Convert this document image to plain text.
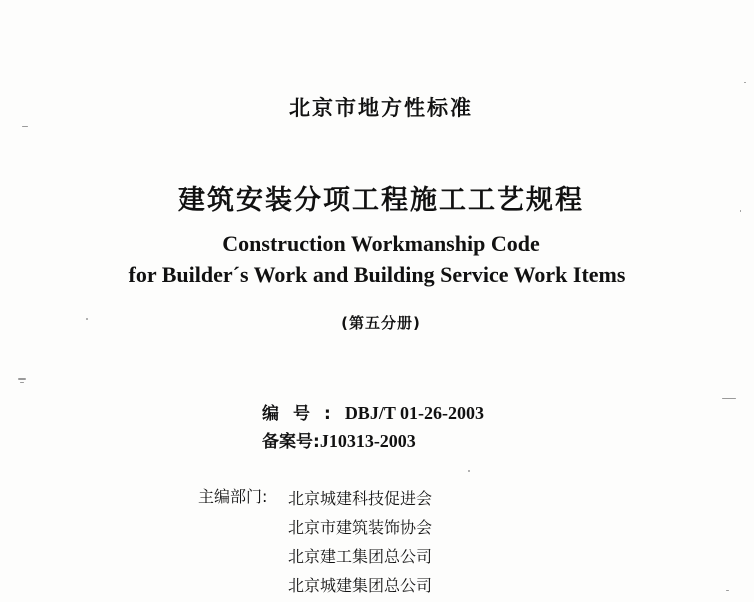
北京市地方性标准
建筑安装分项工程施工工艺规程
Construction Workmanship Code
for Builder´s Work and Building Service Work Items
(第五分册)
编号:DBJ/T 01-26-2003
备案号:J10313-2003
主编部门: 北京城建科技促进会
北京市建筑装饰协会
北京建工集团总公司
北京城建集团总公司
